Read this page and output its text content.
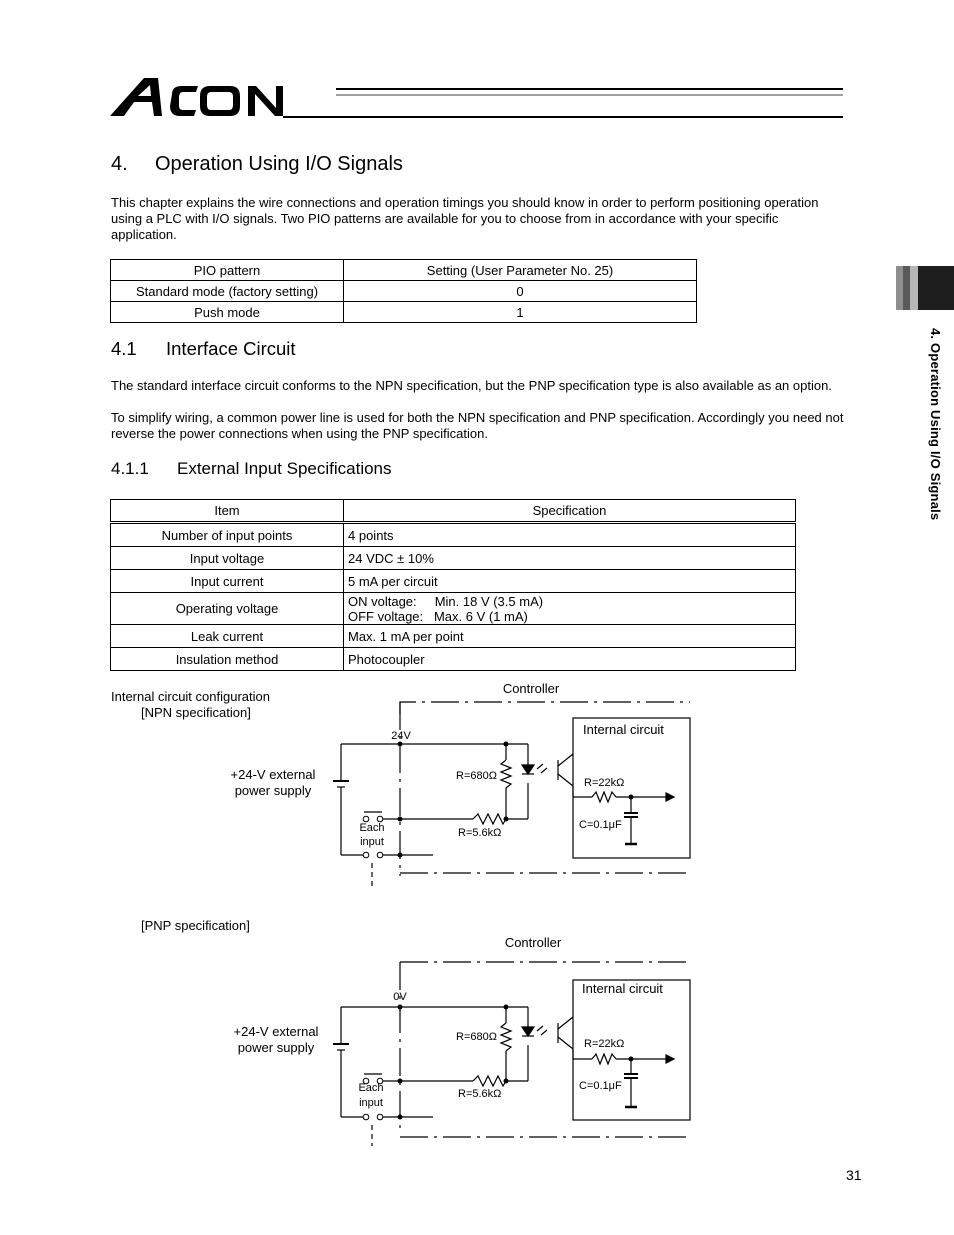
4. Operation Using I/O Signals
This chapter explains the wire connections and operation timings you should know in order to perform positioning operation using a PLC with I/O signals. Two PIO patterns are available for you to choose from in accordance with your specific application.
PIO pattern	Setting (User Parameter No. 25)
Standard mode (factory setting)	0
Push mode	1
4.1 Interface Circuit
The standard interface circuit conforms to the NPN specification, but the PNP specification type is also available as an option.
To simplify wiring, a common power line is used for both the NPN specification and PNP specification. Accordingly you need not reverse the power connections when using the PNP specification.
4.1.1 External Input Specifications
Item	Specification
Number of input points	4 points
Input voltage	24 VDC ± 10%
Input current	5 mA per circuit
Operating voltage	ON voltage:     Min. 18 V (3.5 mA)
OFF voltage:   Max. 6 V (1 mA)

Leak current	Max. 1 mA per point
Insulation method	Photocoupler
Internal circuit configuration
[NPN specification]
+24-V external
power supply
Controller
24V	Internal circuit
R=680Ω
R=5.6kΩ
R=22kΩ
C=0.1μF
Each
input
[PNP specification]
+24-V external
power supply
Controller
0V
Internal circuit
R=680Ω
R=5.6kΩ
R=22kΩ
C=0.1μF
Each
input
4. Operation Using I/O Signals
31
